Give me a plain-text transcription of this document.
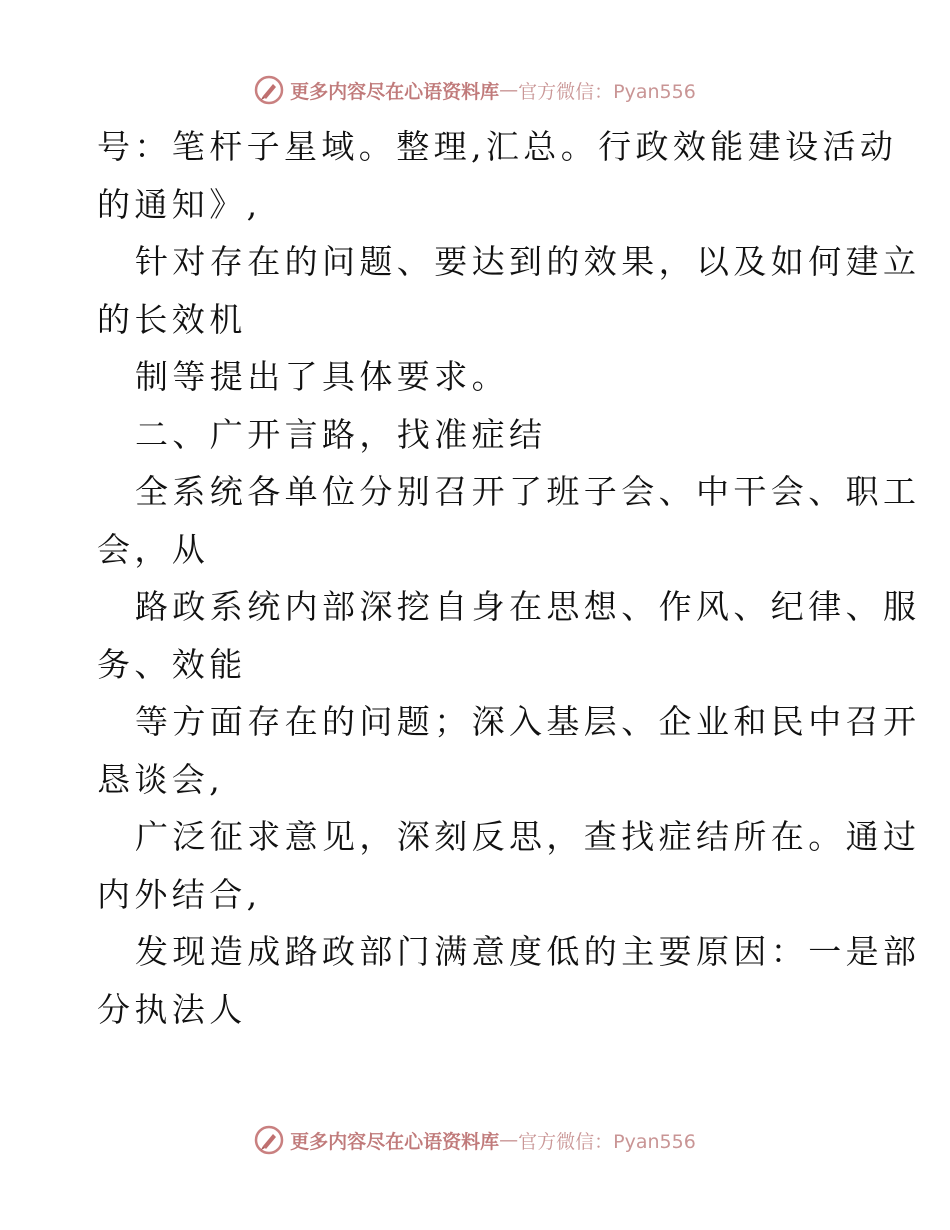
更多内容尽在心语资料库 — 官方微信：Pyan556
号：笔杆子星域。整理,汇总。行政效能建设活动
的通知》,
针对存在的问题、要达到的效果，以及如何建立
的长效机
制等提出了具体要求。
二、广开言路，找准症结
全系统各单位分别召开了班子会、中干会、职工
会，从
路政系统内部深挖自身在思想、作风、纪律、服
务、效能
等方面存在的问题；深入基层、企业和民中召开
恳谈会,
广泛征求意见，深刻反思，查找症结所在。通过
内外结合,
发现造成路政部门满意度低的主要原因：一是部
分执法人
更多内容尽在心语资料库 — 官方微信：Pyan556
